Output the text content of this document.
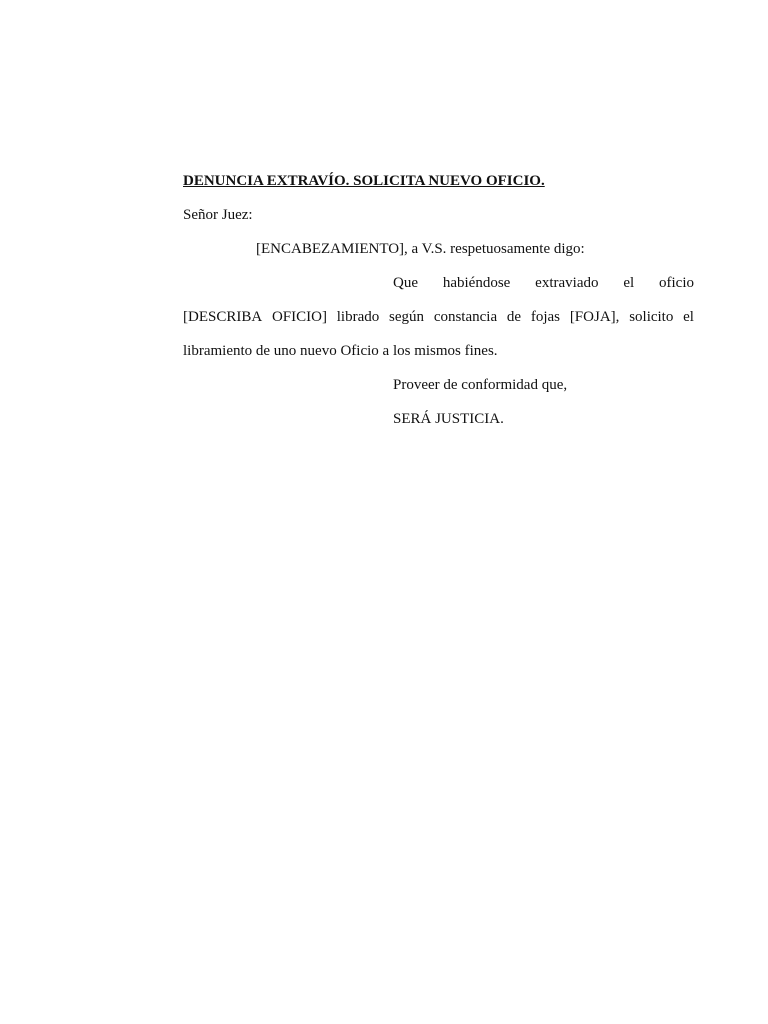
DENUNCIA EXTRAVÍO. SOLICITA NUEVO OFICIO.
Señor Juez:
[ENCABEZAMIENTO], a V.S. respetuosamente digo:
Que habiéndose extraviado el oficio
[DESCRIBA OFICIO] librado según constancia de fojas [FOJA], solicito el
libramiento de uno nuevo Oficio a los mismos fines.
Proveer de conformidad que,
SERÁ JUSTICIA.
